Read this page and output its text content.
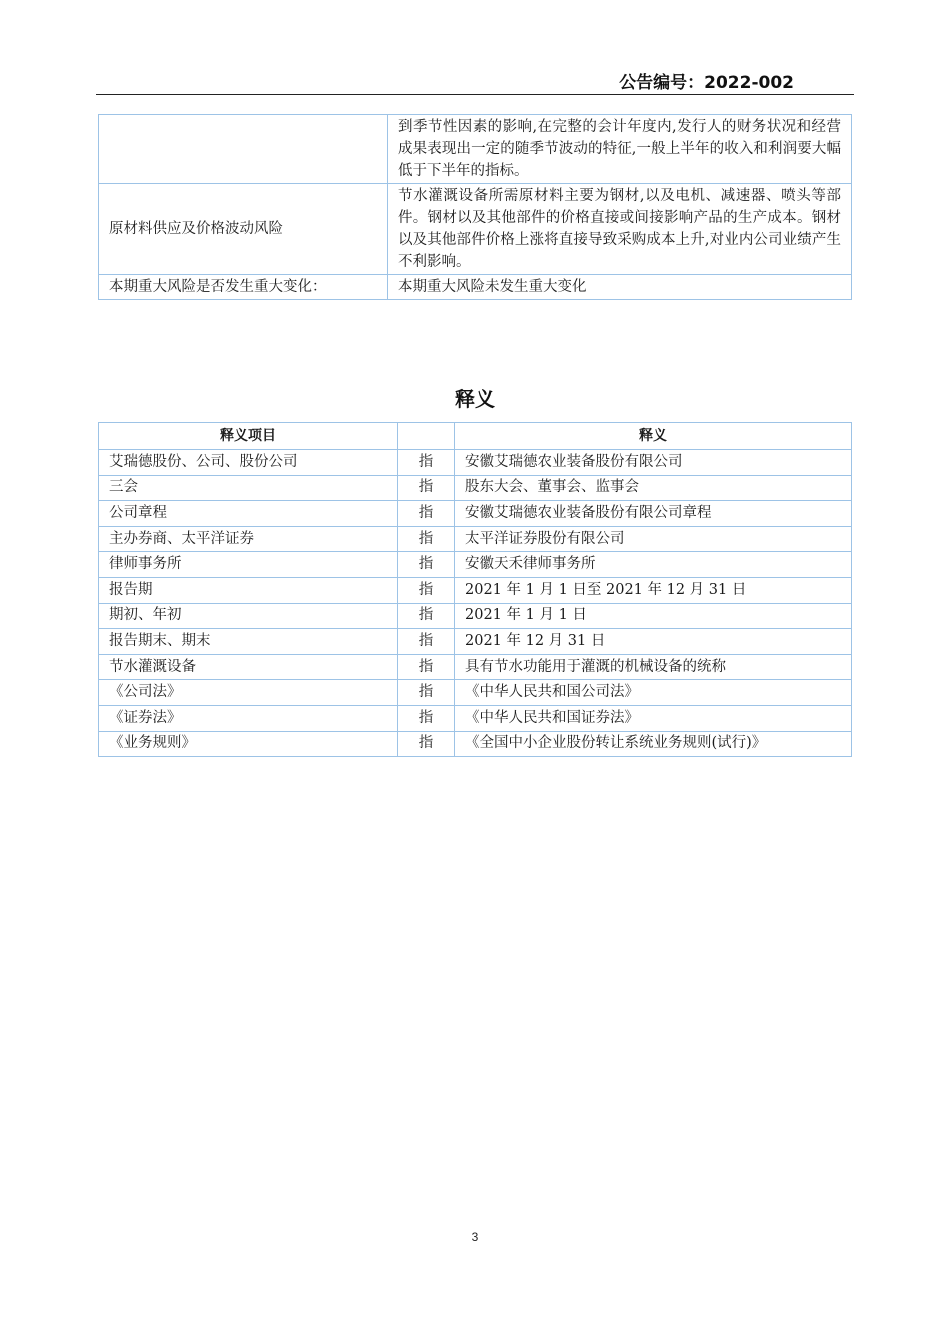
公告编号：2022-002
	到季节性因素的影响,在完整的会计年度内,发行人的财务状况和经营成果表现出一定的随季节波动的特征,一般上半年的收入和利润要大幅低于下半年的指标。
原材料供应及价格波动风险	节水灌溉设备所需原材料主要为钢材,以及电机、减速器、喷头等部件。钢材以及其他部件的价格直接或间接影响产品的生产成本。钢材以及其他部件价格上涨将直接导致采购成本上升,对业内公司业绩产生不利影响。
本期重大风险是否发生重大变化：	本期重大风险未发生重大变化
释义
释义项目		释义
艾瑞德股份、公司、股份公司	指	安徽艾瑞德农业装备股份有限公司
三会	指	股东大会、董事会、监事会
公司章程	指	安徽艾瑞德农业装备股份有限公司章程
主办券商、太平洋证券	指	太平洋证券股份有限公司
律师事务所	指	安徽天禾律师事务所
报告期	指	2021 年 1 月 1 日至 2021 年 12 月 31 日
期初、年初	指	2021 年 1 月 1 日
报告期末、期末	指	2021 年 12 月 31 日
节水灌溉设备	指	具有节水功能用于灌溉的机械设备的统称
《公司法》	指	《中华人民共和国公司法》
《证券法》	指	《中华人民共和国证券法》
《业务规则》	指	《全国中小企业股份转让系统业务规则(试行)》
3
